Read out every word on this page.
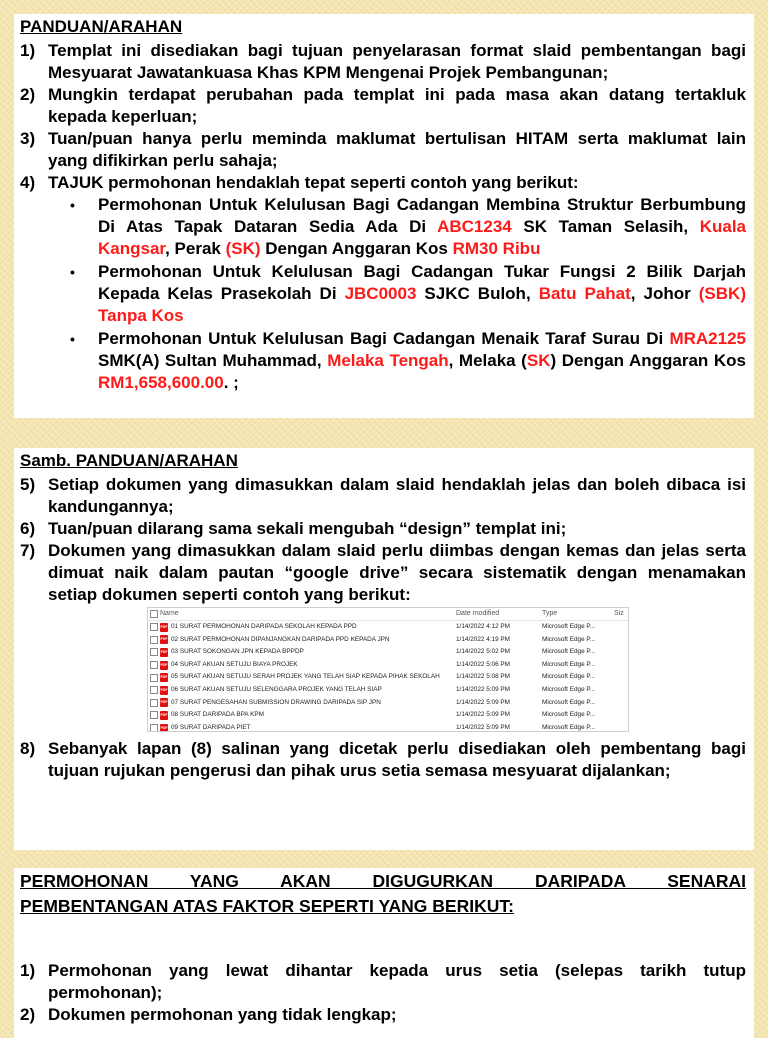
PANDUAN/ARAHAN
1) Templat ini disediakan bagi tujuan penyelarasan format slaid pembentangan bagi Mesyuarat Jawatankuasa Khas KPM Mengenai Projek Pembangunan;
2) Mungkin terdapat perubahan pada templat ini pada masa akan datang tertakluk kepada keperluan;
3) Tuan/puan hanya perlu meminda maklumat bertulisan HITAM serta maklumat lain yang difikirkan perlu sahaja;
4) TAJUK permohonan hendaklah tepat seperti contoh yang berikut:
• Permohonan Untuk Kelulusan Bagi Cadangan Membina Struktur Berbumbung Di Atas Tapak Dataran Sedia Ada Di ABC1234 SK Taman Selasih, Kuala Kangsar, Perak (SK) Dengan Anggaran Kos RM30 Ribu
• Permohonan Untuk Kelulusan Bagi Cadangan Tukar Fungsi 2 Bilik Darjah Kepada Kelas Prasekolah Di JBC0003 SJKC Buloh, Batu Pahat, Johor (SBK) Tanpa Kos
• Permohonan Untuk Kelulusan Bagi Cadangan Menaik Taraf Surau Di MRA2125 SMK(A) Sultan Muhammad, Melaka Tengah, Melaka (SK) Dengan Anggaran Kos RM1,658,600.00. ;
Samb. PANDUAN/ARAHAN
5) Setiap dokumen yang dimasukkan dalam slaid hendaklah jelas dan boleh dibaca isi kandungannya;
6) Tuan/puan dilarang sama sekali mengubah “design” templat ini;
7) Dokumen yang dimasukkan dalam slaid perlu diimbas dengan kemas dan jelas serta dimuat naik dalam pautan “google drive” secara sistematik dengan menamakan setiap dokumen seperti contoh yang berikut:
Name	Date modified	Type	Siz
PDF 01 SURAT PERMOHONAN DARIPADA SEKOLAH KEPADA PPD	1/14/2022 4:12 PM	Microsoft Edge P...
PDF 02 SURAT PERMOHONAN DIPANJANGKAN DARIPADA PPD KEPADA JPN	1/14/2022 4:19 PM	Microsoft Edge P...
PDF 03 SURAT SOKONGAN JPN KEPADA BPPDP	1/14/2022 5:02 PM	Microsoft Edge P...
PDF 04 SURAT AKUAN SETUJU BIAYA PROJEK	1/14/2022 5:06 PM	Microsoft Edge P...
PDF 05 SURAT AKUAN SETUJU SERAH PROJEK YANG TELAH SIAP KEPADA PIHAK SEKOLAH	1/14/2022 5:08 PM	Microsoft Edge P...
PDF 06 SURAT AKUAN SETUJU SELENGGARA PROJEK YANG TELAH SIAP	1/14/2022 5:09 PM	Microsoft Edge P...
PDF 07 SURAT PENGESAHAN SUBMISSION DRAWING DARIPADA SIP JPN	1/14/2022 5:09 PM	Microsoft Edge P...
PDF 08 SURAT DARIPADA BPA KPM	1/14/2022 5:09 PM	Microsoft Edge P...
PDF 09 SURAT DARIPADA PIET	1/14/2022 5:09 PM	Microsoft Edge P...
8) Sebanyak lapan (8) salinan yang dicetak perlu disediakan oleh pembentang bagi tujuan rujukan pengerusi dan pihak urus setia semasa mesyuarat dijalankan;
PERMOHONAN YANG AKAN DIGUGURKAN DARIPADA SENARAI
PEMBENTANGAN ATAS FAKTOR SEPERTI YANG BERIKUT:
1) Permohonan yang lewat dihantar kepada urus setia (selepas tarikh tutup permohonan);
2) Dokumen permohonan yang tidak lengkap;
